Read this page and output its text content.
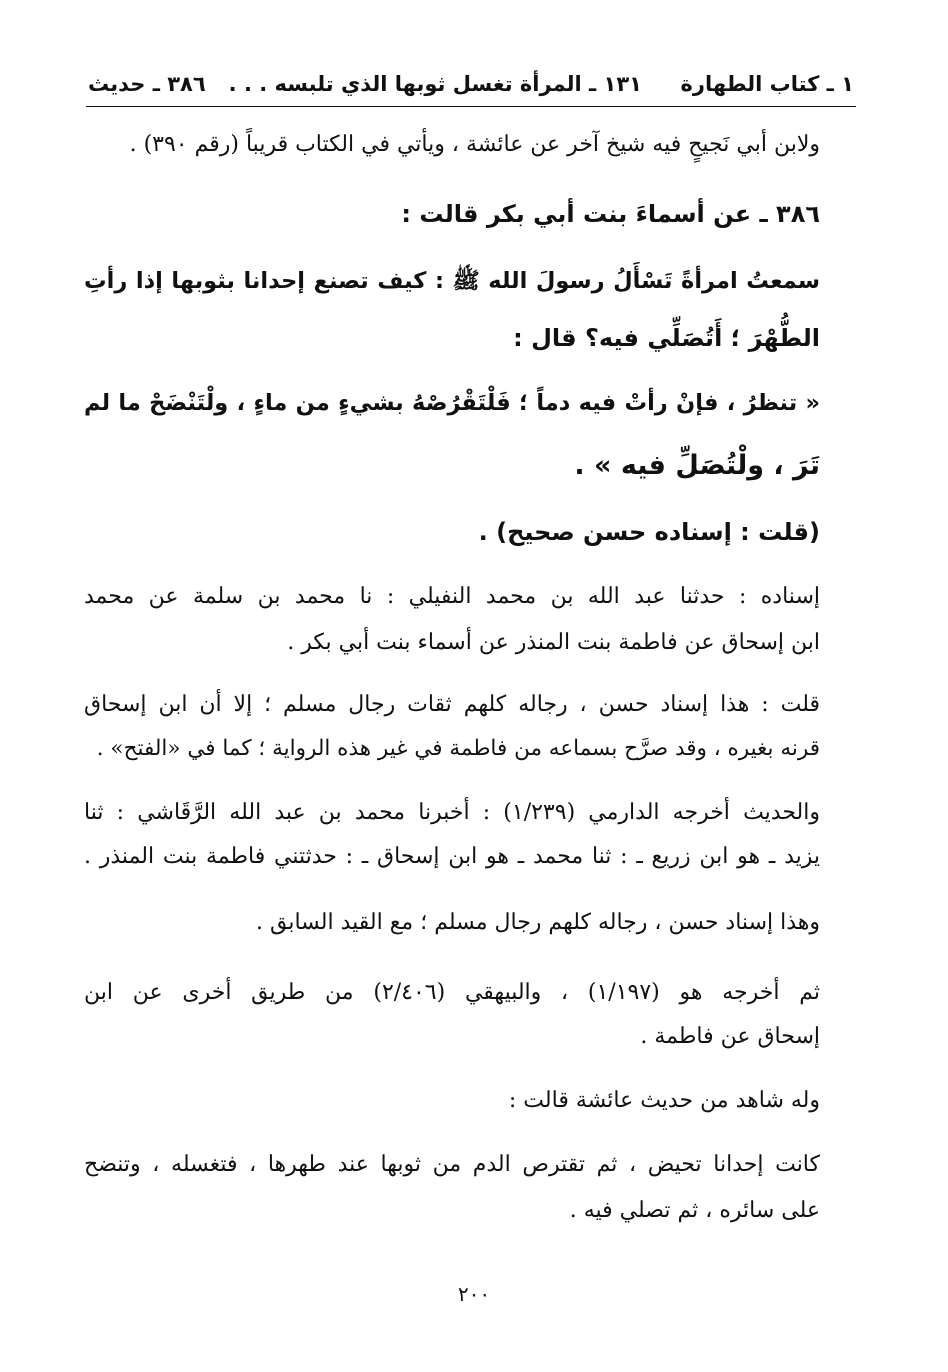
١ ـ كتاب الطهارة
١٣١ ـ المرأة تغسل ثوبها الذي تلبسه . . .
٣٨٦ ـ حديث
ولابن أبي نَجيحٍ فيه شيخ آخر عن عائشة ، ويأتي في الكتاب قريباً (رقم ٣٩٠) .
٣٨٦ ـ عن أسماءَ بنت أبي بكر قالت :
سمعتُ امرأةً تَسْأَلُ رسولَ الله ﷺ : كيف تصنع إحدانا بثوبها إذا رأتِ
الطُّهْرَ ؛ أَتُصَلِّي فيه؟ قال :
« تنظرُ ، فإنْ رأتْ فيه دماً ؛ فَلْتَقْرُصْهُ بشيءٍ من ماءٍ ، ولْتَنْضَحْ ما لم
تَرَ ، ولْتُصَلِّ فيه » .
(قلت : إسناده حسن صحيح) .
إسناده : حدثنا عبد الله بن محمد النفيلي : نا محمد بن سلمة عن محمد
ابن إسحاق عن فاطمة بنت المنذر عن أسماء بنت أبي بكر .
قلت : هذا إسناد حسن ، رجاله كلهم ثقات رجال مسلم ؛ إلا أن ابن إسحاق
قرنه بغيره ، وقد صرَّح بسماعه من فاطمة في غير هذه الرواية ؛ كما في «الفتح» .
والحديث أخرجه الدارمي (١/٢٣٩) : أخبرنا محمد بن عبد الله الرَّقَاشي : ثنا
يزيد ـ هو ابن زريع ـ : ثنا محمد ـ هو ابن إسحاق ـ : حدثتني فاطمة بنت المنذر .
وهذا إسناد حسن ، رجاله كلهم رجال مسلم ؛ مع القيد السابق .
ثم أخرجه هو (١/١٩٧) ، والبيهقي (٢/٤٠٦) من طريق أخرى عن ابن
إسحاق عن فاطمة .
وله شاهد من حديث عائشة قالت :
كانت إحدانا تحيض ، ثم تقترص الدم من ثوبها عند طهرها ، فتغسله ، وتنضح
على سائره ، ثم تصلي فيه .
٢٠٠
